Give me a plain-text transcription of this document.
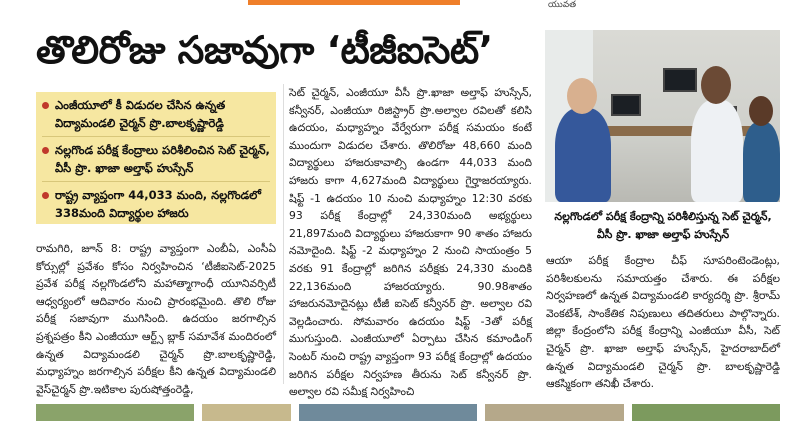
యువత
తొలిరోజు సజావుగా ‘టీజీఐసెట్’
ఎంజీయూలో కీ విడుదల చేసిన ఉన్నత విద్యామండలి చైర్మన్ ప్రొ.బాలకృష్ణారెడ్డి
నల్లగొండ పరీక్ష కేంద్రాలు పరిశీలించిన సెట్ చైర్మన్, వీసీ ప్రొ. ఖాజా అల్తాఫ్ హుస్సేన్
రాష్ట్ర వ్యాప్తంగా 44,033 మంది, నల్లగొండలో 338మంది విద్యార్థుల హాజరు

రామగిరి, జూన్ 8: రాష్ట్ర వ్యాప్తంగా ఎంబీఏ, ఎంసీఏ కోర్సుల్లో ప్రవేశం కోసం నిర్వహించిన ‘టీజీఐసెట్-2025 ప్రవేశ పరీక్ష నల్లగొండలోని మహాత్మాగాంధీ యూనివర్సిటీ ఆధ్వర్యంలో ఆదివారం నుంచి ప్రారంభమైంది. తొలి రోజు పరీక్ష సజావుగా ముగిసింది. ఉదయం జరగాల్సిన ప్రశ్నపత్రం కీని ఎంజీయూ ఆర్ట్స్ బ్లాక్ సమావేశ మందిరంలో ఉన్నత విద్యామండలి చైర్మన్ ప్రొ.బాలకృష్ణారెడ్డి, మధ్యాహ్నం జరగాల్సిన పరీక్షల కీని ఉన్నత విద్యామండలి వైస్‌చైర్మన్ ప్రొ.ఇటికాల పురుషోత్తంరెడ్డి,

సెట్ చైర్మన్, ఎంజీయూ వీసీ ప్రొ.ఖాజా అల్తాఫ్ హుస్సేన్, కన్వీనర్, ఎంజీయూ రిజిస్ట్రార్ ప్రొ.అల్వాల రవిలతో కలిసి ఉదయం, మధ్యాహ్నం వేర్వేరుగా పరీక్ష సమయం కంటే ముందుగా విడుదల చేశారు. తొలిరోజు 48,660 మంది విద్యార్థులు హాజరుకావాల్సి ఉండగా 44,033 మంది హాజరు కాగా 4,627మంది విద్యార్థులు గైర్హాజరయ్యారు. షిఫ్ట్ -1 ఉదయం 10 నుంచి మధ్యాహ్నం 12:30 వరకు 93 పరీక్ష కేంద్రాల్లో 24,330మంది అభ్యర్థులు 21,897మంది విద్యార్థులు హాజరుకాగా 90 శాతం హాజరు నమోదైంది. షిఫ్ట్ -2 మధ్యాహ్నం 2 నుంచి సాయంత్రం 5 వరకు 91 కేంద్రాల్లో జరిగిన పరీక్షకు 24,330 మందికి 22,136మంది హాజరయ్యారు. 90.98శాతం హాజరునమోదైనట్లు టీజీ ఐసెట్ కన్వీనర్ ప్రొ. అల్వాల రవి వెల్లడించారు. సోమవారం ఉదయం షిఫ్ట్ -3తో పరీక్ష ముగుస్తుంది. ఎంజీయూలో ఏర్పాటు చేసిన కమాండింగ్ సెంటర్ నుంచి రాష్ట్ర వ్యాప్తంగా 93 పరీక్ష కేంద్రాల్లో ఉదయం జరిగిన పరీక్షల నిర్వహణ తీరును సెట్ కన్వీనర్ ప్రొ. అల్వాల రవి సమీక్ష నిర్వహించి

నల్లగొండలో పరీక్ష కేంద్రాన్ని పరిశీలిస్తున్న సెట్ చైర్మన్, వీసీ ప్రొ. ఖాజా అల్తాఫ్ హుస్సేన్

ఆయా పరీక్ష కేంద్రాల చీఫ్ సూపరింటెండెంట్లు, పరిశీలకులను సమాయత్తం చేశారు. ఈ పరీక్షల నిర్వహణలో ఉన్నత విద్యామండలి కార్యదర్శి ప్రొ. శ్రీరామ్ వెంకటేశ్, సాంకేతిక నిపుణులు తదితరులు పాల్గొన్నారు. జిల్లా కేంద్రంలోని పరీక్ష కేంద్రాన్ని ఎంజీయూ వీసీ, సెట్ చైర్మన్ ప్రొ. ఖాజా అల్తాఫ్ హుస్సేన్, హైదరాబాద్‌లో ఉన్నత విద్యామండలి చైర్మన్ ప్రొ. బాలకృష్ణారెడ్డి ఆకస్మికంగా తనిఖీ చేశారు.
